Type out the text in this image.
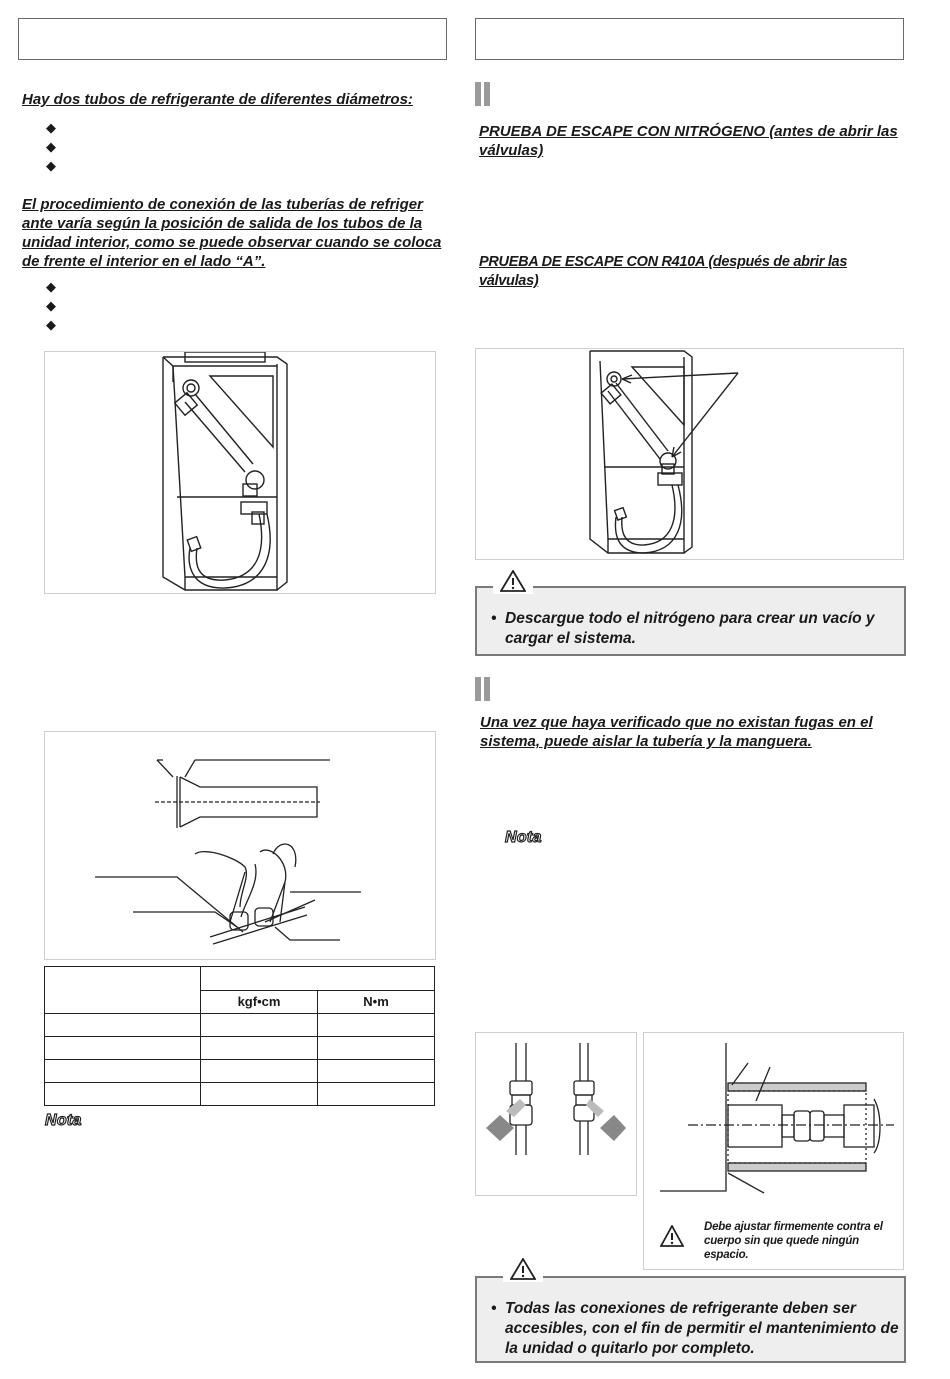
Hay dos tubos de refrigerante de diferentes diámetros:
◆
◆
◆
El procedimiento de conexión de las tuberías de refriger ante varía según la posición de salida de los tubos de la unidad interior, como se puede observar cuando se coloca de frente el interior en el lado “A”.
◆
◆
◆

	kgf•cm	N•m

Nota
PRUEBA DE ESCAPE CON NITRÓGENO (antes de abrir las válvulas)
PRUEBA DE ESCAPE CON R410A (después de abrir las válvulas)
• Descargue todo el nitrógeno para crear un vacío y cargar el sistema.
Una vez que haya verificado que no existan fugas en el sistema, puede aislar la tubería y la manguera.
Nota
Debe ajustar firmemente contra el cuerpo sin que quede ningún espacio.
• Todas las conexiones de refrigerante deben ser accesibles, con el fin de permitir el mantenimiento de la unidad o quitarlo por completo.
